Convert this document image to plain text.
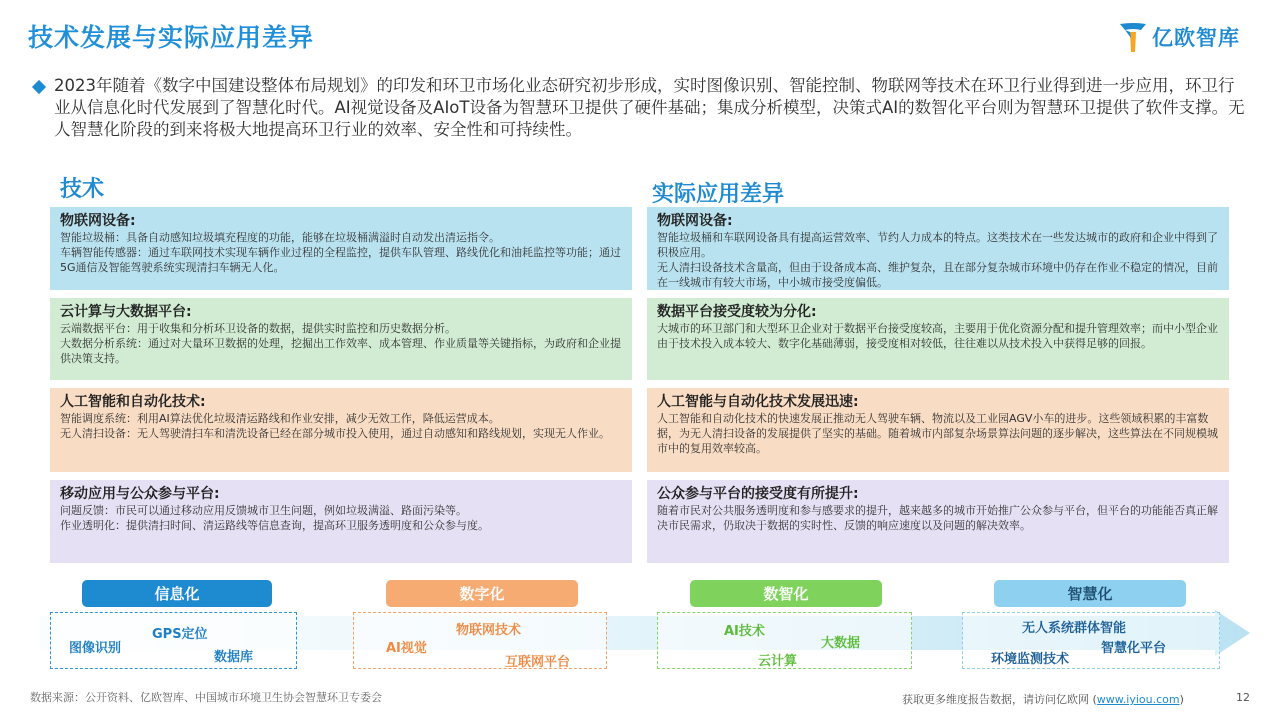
技术发展与实际应用差异	亿欧智库
2023年随着《数字中国建设整体布局规划》的印发和环卫市场化业态研究初步形成，实时图像识别、智能控制、物联网等技术在环卫行业得到进一步应用，环卫行业从信息化时代发展到了智慧化时代。AI视觉设备及AIoT设备为智慧环卫提供了硬件基础；集成分析模型，决策式AI的数智化平台则为智慧环卫提供了软件支撑。无人智慧化阶段的到来将极大地提高环卫行业的效率、安全性和可持续性。
技术	实际应用差异
物联网设备:
智能垃圾桶：具备自动感知垃圾填充程度的功能，能够在垃圾桶满溢时自动发出清运指令。
车辆智能传感器：通过车联网技术实现车辆作业过程的全程监控，提供车队管理、路线优化和油耗监控等功能；通过5G通信及智能驾驶系统实现清扫车辆无人化。
云计算与大数据平台:
云端数据平台：用于收集和分析环卫设备的数据，提供实时监控和历史数据分析。
大数据分析系统：通过对大量环卫数据的处理，挖掘出工作效率、成本管理、作业质量等关键指标，为政府和企业提供决策支持。
人工智能和自动化技术:
智能调度系统：利用AI算法优化垃圾清运路线和作业安排，减少无效工作，降低运营成本。
无人清扫设备：无人驾驶清扫车和清洗设备已经在部分城市投入使用，通过自动感知和路线规划，实现无人作业。
移动应用与公众参与平台:
问题反馈：市民可以通过移动应用反馈城市卫生问题，例如垃圾满溢、路面污染等。
作业透明化：提供清扫时间、清运路线等信息查询，提高环卫服务透明度和公众参与度。
物联网设备:
智能垃圾桶和车联网设备具有提高运营效率、节约人力成本的特点。这类技术在一些发达城市的政府和企业中得到了积极应用。
无人清扫设备技术含量高，但由于设备成本高、维护复杂，且在部分复杂城市环境中仍存在作业不稳定的情况，目前在一线城市有较大市场，中小城市接受度偏低。
数据平台接受度较为分化:
大城市的环卫部门和大型环卫企业对于数据平台接受度较高，主要用于优化资源分配和提升管理效率；而中小型企业由于技术投入成本较大、数字化基础薄弱，接受度相对较低，往往难以从技术投入中获得足够的回报。
人工智能与自动化技术发展迅速:
人工智能和自动化技术的快速发展正推动无人驾驶车辆、物流以及工业园AGV小车的进步。这些领域积累的丰富数据，为无人清扫设备的发展提供了坚实的基础。随着城市内部复杂场景算法问题的逐步解决，这些算法在不同规模城市中的复用效率较高。
公众参与平台的接受度有所提升:
随着市民对公共服务透明度和参与感要求的提升，越来越多的城市开始推广公众参与平台，但平台的功能能否真正解决市民需求，仍取决于数据的实时性、反馈的响应速度以及问题的解决效率。
信息化	数字化	数智化	智慧化
GPS定位
图像识别
数据库
物联网技术
AI视觉
互联网平台
AI技术
大数据
云计算
无人系统群体智能
智慧化平台
环境监测技术
数据来源：公开资料、亿欧智库、中国城市环境卫生协会智慧环卫专委会	获取更多维度报告数据，请访问亿欧网 (www.iyiou.com)	12
